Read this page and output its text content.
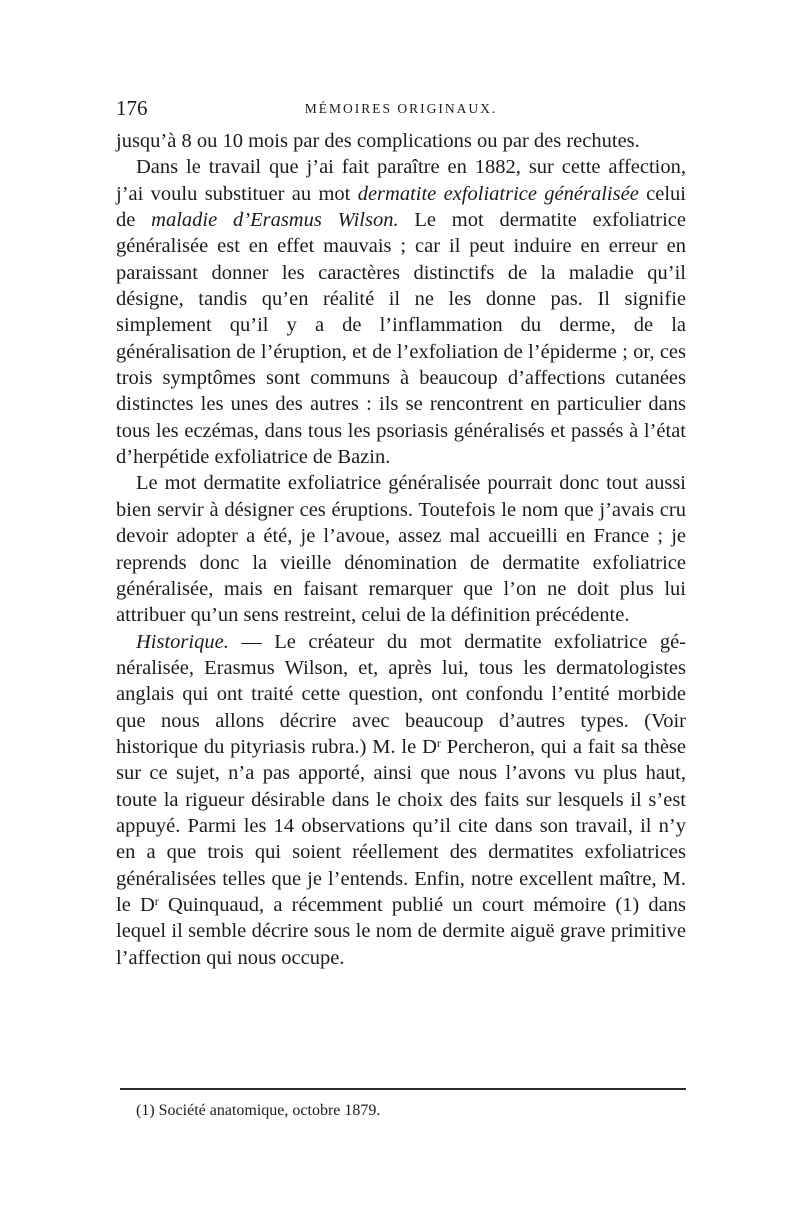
176	MÉMOIRES ORIGINAUX.

jusqu’à 8 ou 10 mois par des complications ou par des rechutes.

Dans le travail que j’ai fait paraître en 1882, sur cette affection, j’ai voulu substituer au mot dermatite exfoliatrice généralisée celui de maladie d’Erasmus Wilson. Le mot dermatite exfoliatrice généralisée est en effet mauvais ; car il peut induire en erreur en paraissant donner les caractères distinctifs de la maladie qu’il désigne, tandis qu’en réalité il ne les donne pas. Il signifie simplement qu’il y a de l’inflammation du derme, de la généralisation de l’éruption, et de l’exfoliation de l’épiderme ; or, ces trois symptômes sont communs à beaucoup d’affections cutanées distinctes les unes des autres : ils se rencontrent en particulier dans tous les eczémas, dans tous les psoriasis généralisés et passés à l’état d’herpétide exfoliatrice de Bazin.

Le mot dermatite exfoliatrice généralisée pourrait donc tout aussi bien servir à désigner ces éruptions. Toutefois le nom que j’avais cru devoir adopter a été, je l’avoue, assez mal accueilli en France ; je reprends donc la vieille dénomination de dermatite exfoliatrice généralisée, mais en faisant remarquer que l’on ne doit plus lui attribuer qu’un sens restreint, celui de la définition précédente.

Historique. — Le créateur du mot dermatite exfoliatrice généralisée, Erasmus Wilson, et, après lui, tous les dermatologistes anglais qui ont traité cette question, ont confondu l’entité morbide que nous allons décrire avec beaucoup d’autres types. (Voir historique du pityriasis rubra.) M. le $D^r$ Percheron, qui a fait sa thèse sur ce sujet, n’a pas apporté, ainsi que nous l’avons vu plus haut, toute la rigueur désirable dans le choix des faits sur lesquels il s’est appuyé. Parmi les 14 observations qu’il cite dans son travail, il n’y en a que trois qui soient réellement des dermatites exfoliatrices généralisées telles que je l’entends. Enfin, notre excellent maître, M. le $D^r$ Quinquaud, a récemment publié un court mémoire (1) dans lequel il semble décrire sous le nom de dermite aiguë grave primitive l’affection qui nous occupe.

(1) Société anatomique, octobre 1879.
